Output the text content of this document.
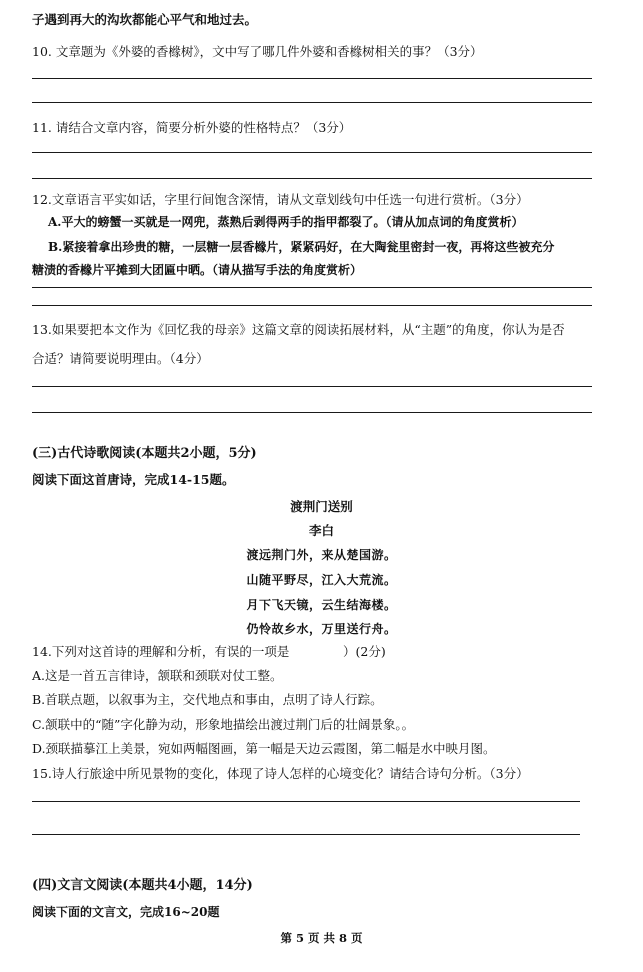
子遇到再大的沟坎都能心平气和地过去。
10. 文章题为《外婆的香橼树》，文中写了哪几件外婆和香橼树相关的事？（3分）
11. 请结合文章内容，简要分析外婆的性格特点？（3分）
12.文章语言平实如话，字里行间饱含深情，请从文章划线句中任选一句进行赏析。（3分）
A.平大的螃蟹一买就是一网兜，蒸熟后剥得两手的指甲都裂了。（请从加点词的角度赏析）
B.紧接着拿出珍贵的糖，一层糖一层香橼片，紧紧码好，在大陶瓮里密封一夜，再将这些被充分
糖渍的香橼片平摊到大团匾中晒。（请从描写手法的角度赏析）
13.如果要把本文作为《回忆我的母亲》这篇文章的阅读拓展材料，从“主题”的角度，你认为是否
合适？请简要说明理由。（4分）
(三)古代诗歌阅读(本题共2小题，5分)
阅读下面这首唐诗，完成14-15题。
渡荆门送别
李白
渡远荆门外，来从楚国游。
山随平野尽，江入大荒流。
月下飞天镜，云生结海楼。
仍怜故乡水，万里送行舟。
14.下列对这首诗的理解和分析，有误的一项是	）(2分)
A.这是一首五言律诗，颔联和颈联对仗工整。
B.首联点题，以叙事为主，交代地点和事由，点明了诗人行踪。
C.颔联中的“随”字化静为动，形象地描绘出渡过荆门后的壮阔景象。。
D.颈联描摹江上美景，宛如两幅图画，第一幅是天边云霞图，第二幅是水中映月图。
15.诗人行旅途中所见景物的变化，体现了诗人怎样的心境变化？请结合诗句分析。（3分）
(四)文言文阅读(本题共4小题，14分)
阅读下面的文言文，完成16~20题
第 5 页 共 8 页
